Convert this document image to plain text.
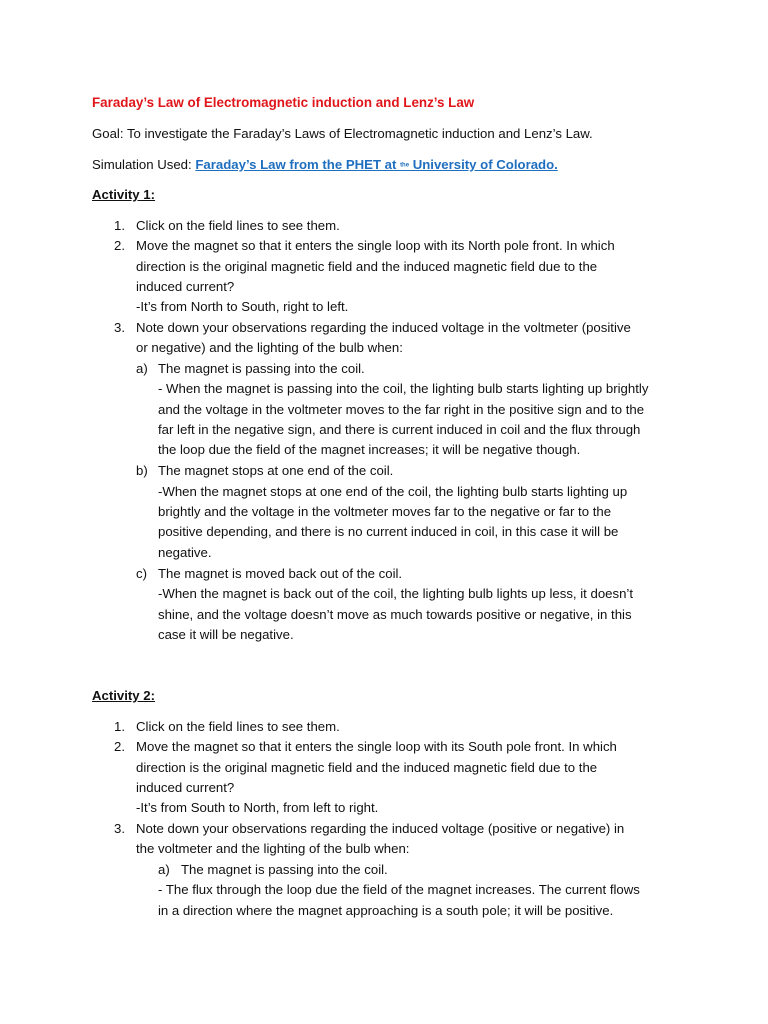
Faraday’s Law of Electromagnetic induction and Lenz’s Law
Goal: To investigate the Faraday’s Laws of Electromagnetic induction and Lenz’s Law.
Simulation Used: Faraday’s Law from the PHET at the University of Colorado.
Activity 1:
1. Click on the field lines to see them.
2. Move the magnet so that it enters the single loop with its North pole front. In which
direction is the original magnetic field and the induced magnetic field due to the
induced current?
-It’s from North to South, right to left.
3. Note down your observations regarding the induced voltage in the voltmeter (positive
or negative) and the lighting of the bulb when:
a) The magnet is passing into the coil.
- When the magnet is passing into the coil, the lighting bulb starts lighting up brightly
and the voltage in the voltmeter moves to the far right in the positive sign and to the
far left in the negative sign, and there is current induced in coil and the flux through
the loop due the field of the magnet increases; it will be negative though.
b) The magnet stops at one end of the coil.
-When the magnet stops at one end of the coil, the lighting bulb starts lighting up
brightly and the voltage in the voltmeter moves far to the negative or far to the
positive depending, and there is no current induced in coil, in this case it will be
negative.
c) The magnet is moved back out of the coil.
-When the magnet is back out of the coil, the lighting bulb lights up less, it doesn’t
shine, and the voltage doesn’t move as much towards positive or negative, in this
case it will be negative.
Activity 2:
1. Click on the field lines to see them.
2. Move the magnet so that it enters the single loop with its South pole front. In which
direction is the original magnetic field and the induced magnetic field due to the
induced current?
-It’s from South to North, from left to right.
3. Note down your observations regarding the induced voltage (positive or negative) in
the voltmeter and the lighting of the bulb when:
a) The magnet is passing into the coil.
- The flux through the loop due the field of the magnet increases. The current flows
in a direction where the magnet approaching is a south pole; it will be positive.
